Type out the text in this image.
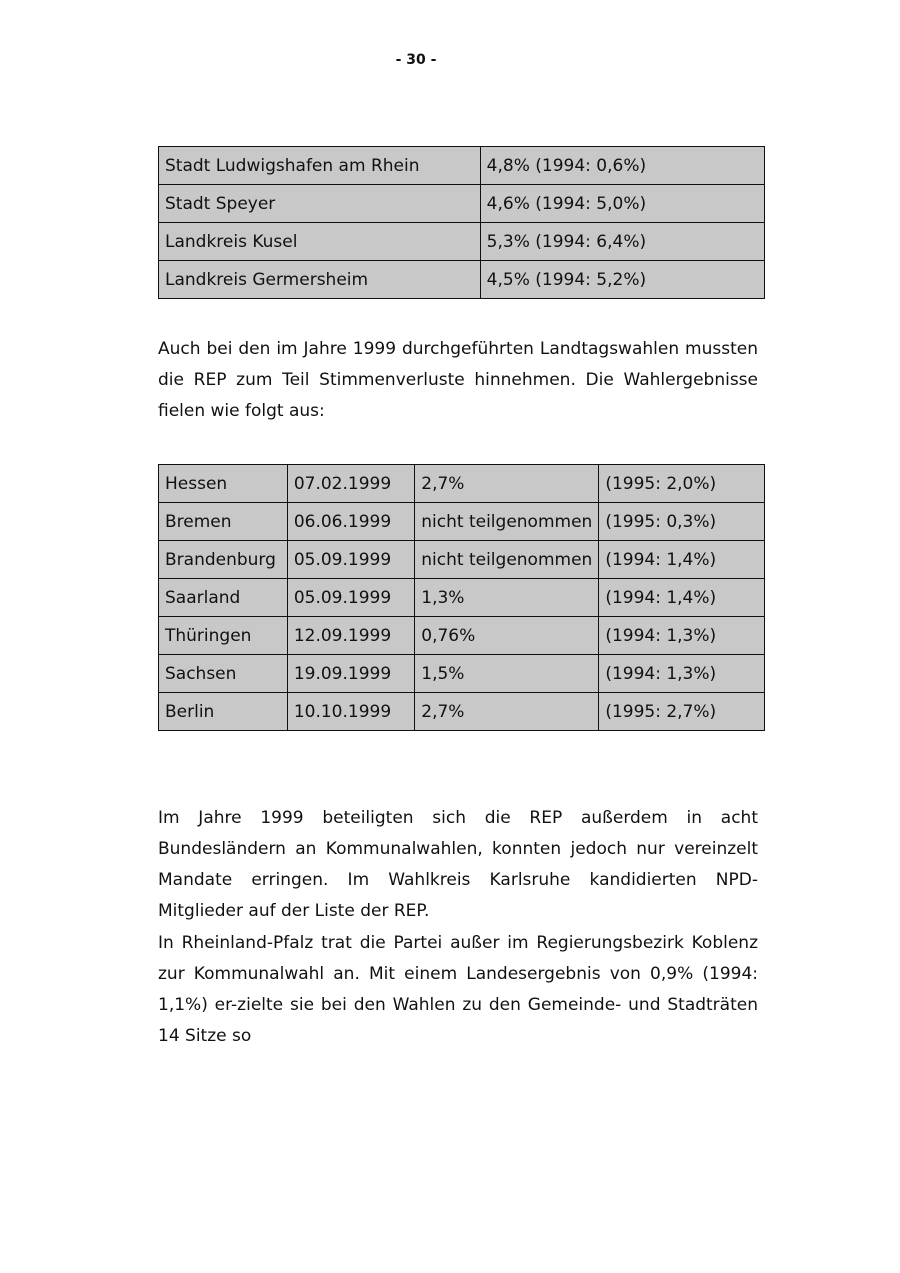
- 30 -
Stadt Ludwigshafen am Rhein	4,8% (1994: 0,6%)
Stadt Speyer	4,6% (1994: 5,0%)
Landkreis Kusel	5,3% (1994: 6,4%)
Landkreis Germersheim	4,5% (1994: 5,2%)

Auch bei den im Jahre 1999 durchgeführten Landtagswahlen mussten die REP zum Teil Stimmenverluste hinnehmen. Die Wahlergebnisse fielen wie folgt aus:

Hessen	07.02.1999	2,7%	(1995: 2,0%)
Bremen	06.06.1999	nicht teilgenommen	(1995: 0,3%)
Brandenburg	05.09.1999	nicht teilgenommen	(1994: 1,4%)
Saarland	05.09.1999	1,3%	(1994: 1,4%)
Thüringen	12.09.1999	0,76%	(1994: 1,3%)
Sachsen	19.09.1999	1,5%	(1994: 1,3%)
Berlin	10.10.1999	2,7%	(1995: 2,7%)

Im Jahre 1999 beteiligten sich die REP außerdem in acht Bundesländern an Kommunalwahlen, konnten jedoch nur vereinzelt Mandate erringen. Im Wahlkreis Karlsruhe kandidierten NPD-Mitglieder auf der Liste der REP.

In Rheinland-Pfalz trat die Partei außer im Regierungsbezirk Koblenz zur Kommunalwahl an. Mit einem Landesergebnis von 0,9% (1994: 1,1%) er-zielte sie bei den Wahlen zu den Gemeinde- und Stadträten 14 Sitze so
